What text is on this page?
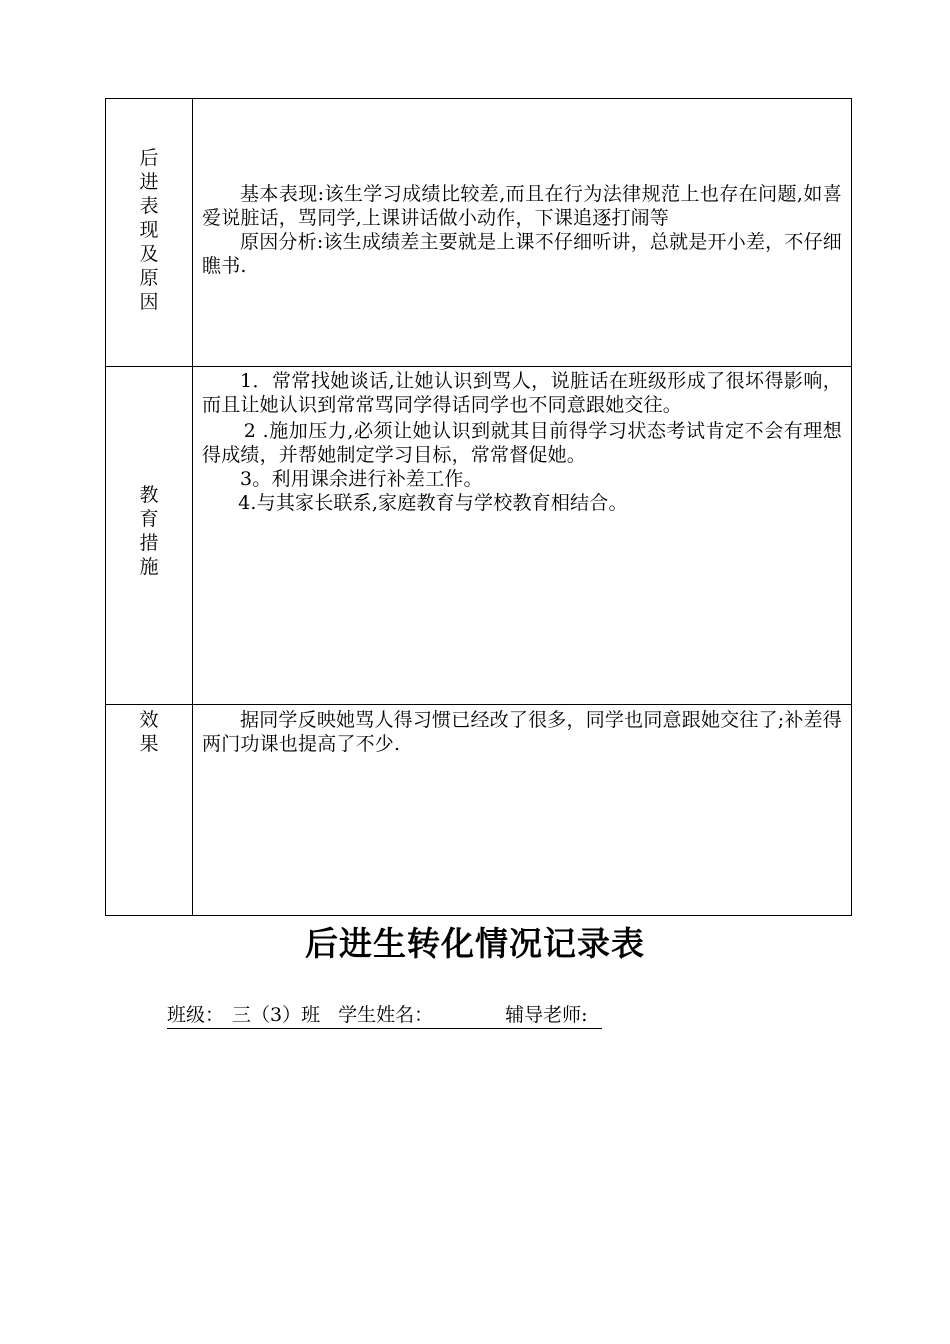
后进表现及原因	基本表现:该生学习成绩比较差,而且在行为法律规范上也存在问题,如喜爱说脏话，骂同学,上课讲话做小动作，下课追逐打闹等

原因分析:该生成绩差主要就是上课不仔细听讲，总就是开小差，不仔细瞧书.

教育措施	1．常常找她谈话,让她认识到骂人，说脏话在班级形成了很坏得影响，而且让她认识到常常骂同学得话同学也不同意跟她交往。

2 .施加压力,必须让她认识到就其目前得学习状态考试肯定不会有理想得成绩，并帮她制定学习目标，常常督促她。

3。利用课余进行补差工作。

4.与其家长联系,家庭教育与学校教育相结合。

效果	据同学反映她骂人得习惯已经改了很多，同学也同意跟她交往了;补差得两门功课也提高了不少.

后进生转化情况记录表
班级： 三（3）班 学生姓名：	辅导老师:
